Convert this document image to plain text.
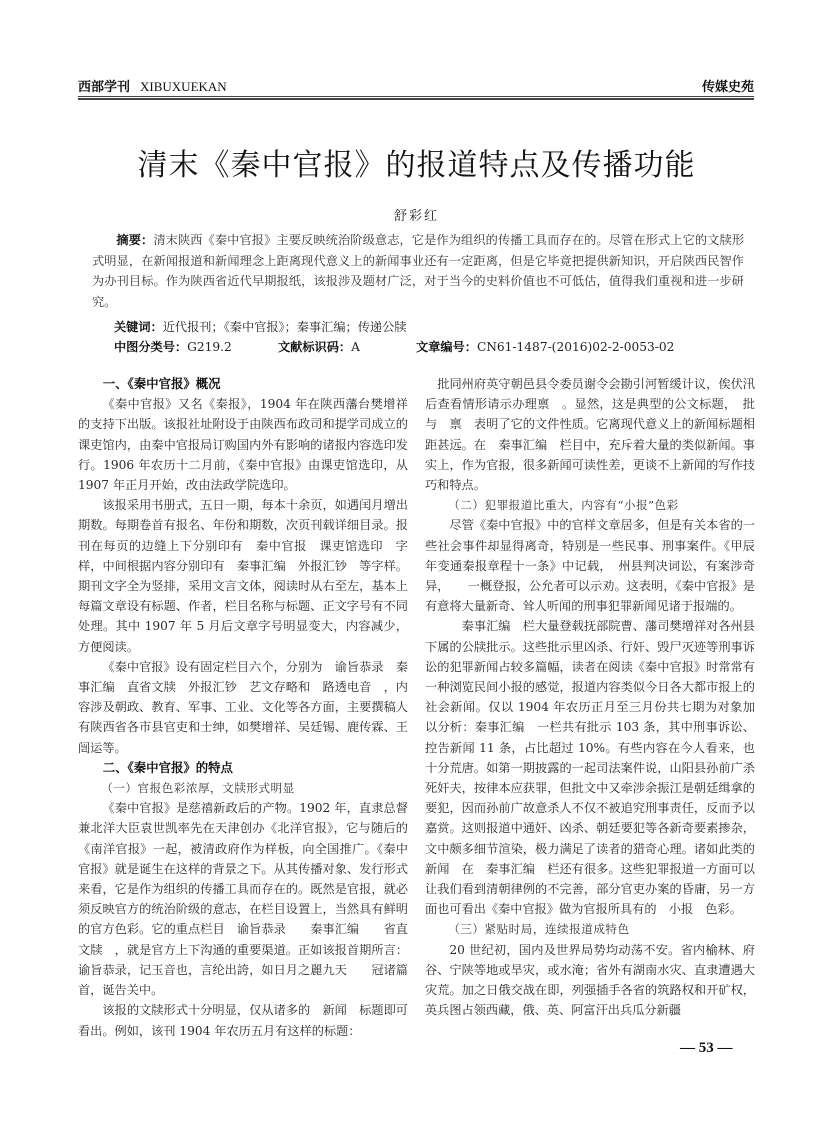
西部学刊 XIBUXUEKAN	传媒史苑
清末《秦中官报》的报道特点及传播功能
舒彩红

摘要：清末陕西《秦中官报》主要反映统治阶级意志，它是作为组织的传播工具而存在的。尽管在形式上它的文牍形式明显，在新闻报道和新闻理念上距离现代意义上的新闻事业还有一定距离，但是它毕竟把提供新知识，开启陕西民智作为办刊目标。作为陕西省近代早期报纸，该报涉及题材广泛，对于当今的史料价值也不可低估，值得我们重视和进一步研究。

关键词：近代报刊；《秦中官报》；秦事汇编；传递公牍
中图分类号：G219.2	文献标识码：A	文章编号：CN61-1487-(2016)02-2-0053-02
一、《秦中官报》概况

《秦中官报》又名《秦报》，1904 年在陕西藩台樊增祥的支持下出版。该报社址附设于由陕西布政司和提学司成立的课吏馆内，由秦中官报局订购国内外有影响的诸报内容选印发行。1906 年农历十二月前，《秦中官报》由课吏馆选印，从 1907 年正月开始，改由法政学院选印。

该报采用书册式，五日一期，每本十余页，如遇闰月增出期数。每期卷首有报名、年份和期数，次页刊载详细目录。报刊在每页的边缝上下分别印有　秦中官报　课吏馆选印　字样，中间根据内容分别印有　秦事汇编　外报汇钞　等字样。期刊文字全为竖排，采用文言文体，阅读时从右至左，基本上每篇文章设有标题、作者，栏目名称与标题、正文字号有不同处理。其中 1907 年 5 月后文章字号明显变大，内容减少，方便阅读。

《秦中官报》设有固定栏目六个，分别为　谕旨恭录　秦事汇编　直省文牍　外报汇钞　艺文存略和　路透电音　，内容涉及朝政、教育、军事、工业、文化等各方面，主要撰稿人有陕西省各市县官吏和士绅，如樊增祥、吴廷锡、鹿传霖、王闿运等。

二、《秦中官报》的特点
（一）官报色彩浓厚，文牍形式明显

《秦中官报》是慈禧新政后的产物。1902 年，直隶总督兼北洋大臣袁世凯率先在天津创办《北洋官报》，它与随后的《南洋官报》一起，被清政府作为样板，向全国推广。《秦中官报》就是诞生在这样的背景之下。从其传播对象、发行形式来看，它是作为组织的传播工具而存在的。既然是官报，就必须反映官方的统治阶级的意志，在栏目设置上，当然具有鲜明的官方色彩。它的重点栏目　谕旨恭录　　秦事汇编　　省直文牍　，就是官方上下沟通的重要渠道。正如该报首期所言：谕旨恭录，记玉音也，言纶出誇，如日月之麗九天　　冠诸篇首，诞告关中。

该报的文牍形式十分明显，仅从诸多的　新闻　标题即可看出。例如，该刊 1904 年农历五月有这样的标题：

　批同州府英守朝邑县令委员谢令会勘引河暂缓计议，俟伏汛后查看情形请示办理禀　。显然，这是典型的公文标题，　批　与　禀　表明了它的文件性质。它离现代意义上的新闻标题相距甚远。在　秦事汇编　栏目中，充斥着大量的类似新闻。事实上，作为官报，很多新闻可读性差，更谈不上新闻的写作技巧和特点。

（二）犯罪报道比重大，内容有“小报”色彩

尽管《秦中官报》中的官样文章居多，但是有关本省的一些社会事件却显得离奇，特别是一些民事、刑事案件。《甲辰年变通秦报章程十一条》中记载，　州县判决词讼，有案涉奇异，　　一概登报，公允者可以示劝。这表明，《秦中官报》是有意将大量新奇、耸人听闻的刑事犯罪新闻见诸于报端的。

　秦事汇编　栏大量登载抚部院曹、藩司樊增祥对各州县下属的公牍批示。这些批示里凶杀、行奸、毁尸灭迹等刑事诉讼的犯罪新闻占较多篇幅，读者在阅读《秦中官报》时常常有一种浏览民间小报的感觉，报道内容类似今日各大都市报上的社会新闻。仅以 1904 年农历正月至三月份共七期为对象加以分析：秦事汇编　一栏共有批示 103 条，其中刑事诉讼、控告新闻 11 条，占比超过 10%。有些内容在今人看来，也十分荒唐。如第一期披露的一起司法案件说，山阳县孙前广杀死奸夫，按律本应获罪，但批文中又牵涉余振江是朝廷缉拿的要犯，因而孙前广故意杀人不仅不被追究刑事责任，反而予以嘉赏。这则报道中通奸、凶杀、朝廷要犯等各新奇要素掺杂，文中颇多细节渲染，极力满足了读者的猎奇心理。诸如此类的　新闻　在　秦事汇编　栏还有很多。这些犯罪报道一方面可以让我们看到清朝律例的不完善，部分官吏办案的昏庸，另一方面也可看出《秦中官报》做为官报所具有的　小报　色彩。

（三）紧贴时局，连续报道成特色

20 世纪初，国内及世界局势均动荡不安。省内榆林、府谷、宁陕等地或旱灾，或水淹；省外有湖南水灾、直隶遭遇大灾荒。加之日俄交战在即，列强插手各省的筑路权和开矿权，英兵图占领西藏，俄、英、阿富汗出兵瓜分新疆

— 53 —
